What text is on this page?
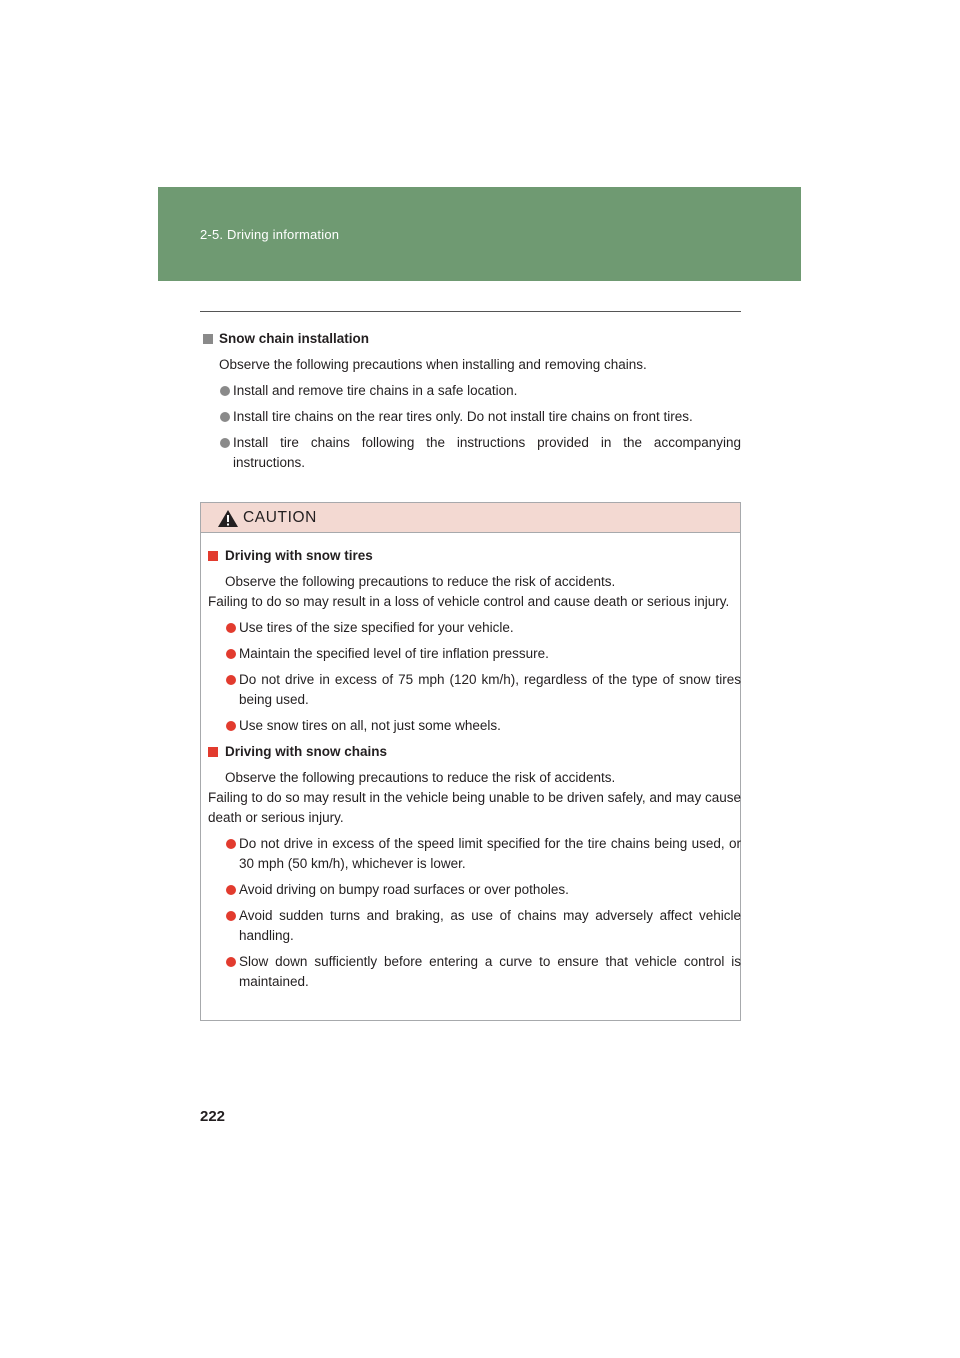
2-5. Driving information
Snow chain installation
Observe the following precautions when installing and removing chains.
Install and remove tire chains in a safe location.
Install tire chains on the rear tires only. Do not install tire chains on front tires.
Install tire chains following the instructions provided in the accompanying instructions.
CAUTION
Driving with snow tires
Observe the following precautions to reduce the risk of accidents.
Failing to do so may result in a loss of vehicle control and cause death or serious injury.
Use tires of the size specified for your vehicle.
Maintain the specified level of tire inflation pressure.
Do not drive in excess of 75 mph (120 km/h), regardless of the type of snow tires being used.
Use snow tires on all, not just some wheels.
Driving with snow chains
Observe the following precautions to reduce the risk of accidents.
Failing to do so may result in the vehicle being unable to be driven safely, and may cause death or serious injury.
Do not drive in excess of the speed limit specified for the tire chains being used, or 30 mph (50 km/h), whichever is lower.
Avoid driving on bumpy road surfaces or over potholes.
Avoid sudden turns and braking, as use of chains may adversely affect vehicle handling.
Slow down sufficiently before entering a curve to ensure that vehicle control is maintained.
222
